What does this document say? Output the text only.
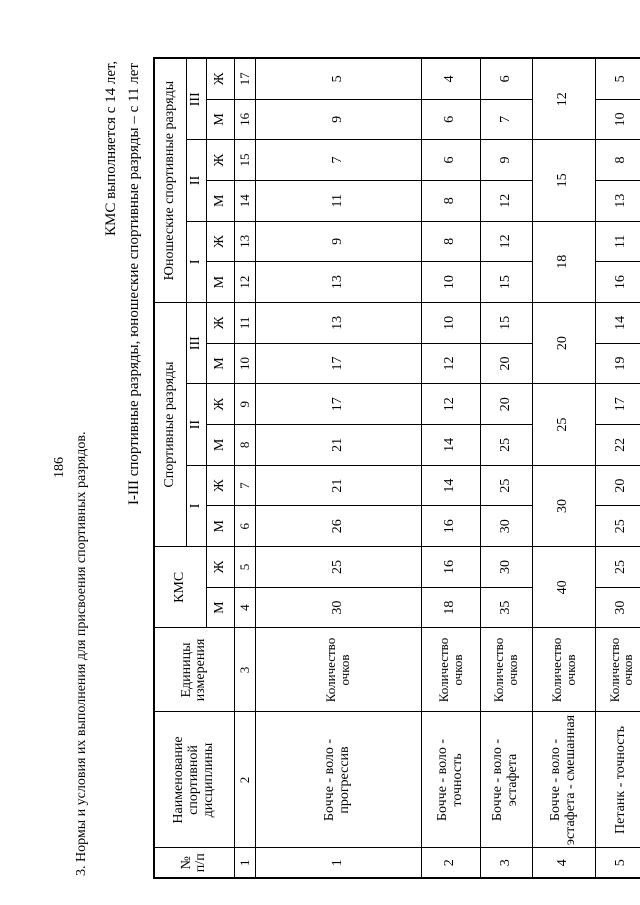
186 3. Нормы и условия их выполнения для присвоения спортивных разрядов.
КМС выполняется с 14 лет, I-III спортивные разряды, юношеские спортивные разряды – с 11 лет
№ п/п	Наименование спортивной дисциплины	Единицы измерения	КМС		Спортивные разряды						Юношеские спортивные разряды					
					I		II		III		I		II		III	
			М	Ж	М	Ж	М	Ж	М	Ж	М	Ж	М	Ж	М	Ж
1	2	3	4	5	6	7	8	9	10	11	12	13	14	15	16	17
1	Бочче - воло - прогрессив	Количество очков	30	25	26	21	21	17	17	13	13	9	11	7	9	5
2	Бочче - воло - точность	Количество очков	18	16	16	14	14	12	12	10	10	8	8	6	6	4
3	Бочче - воло - эстафета	Количество очков	35	30	30	25	25	20	20	15	15	12	12	9	7	6
4	Бочче - воло - эстафета - смешанная	Количество очков	40		30		25		20		18		15		12	
5	Петанк - точность	Количество очков	30	25	25	20	22	17	19	14	16	11	13	8	10	5
